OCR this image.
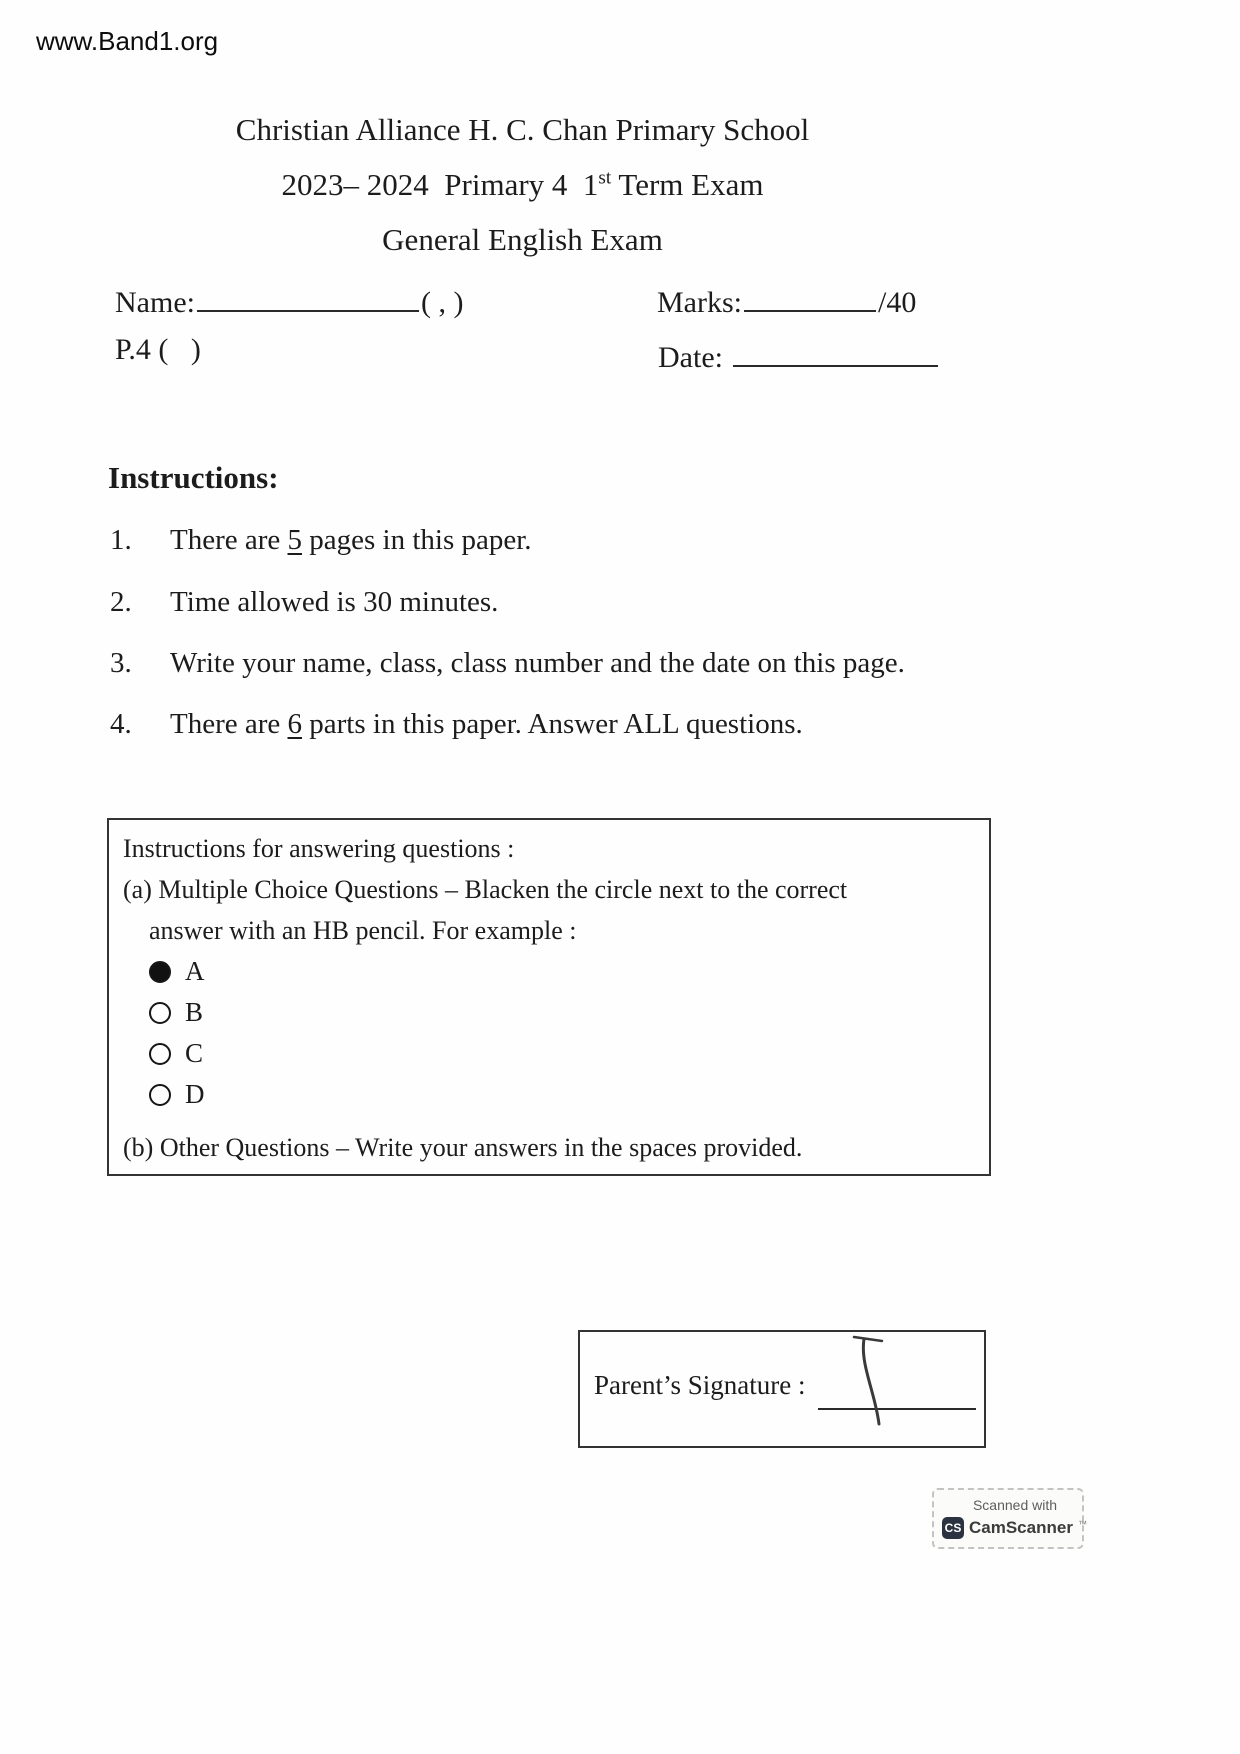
www.Band1.org
Christian Alliance H. C. Chan Primary School
2023– 2024  Primary 4  1st Term Exam
General English Exam
Name:	( , )	Marks:	/40
P.4 (   )	Date:
Instructions:
1. There are 5 pages in this paper.
2. Time allowed is 30 minutes.
3. Write your name, class, class number and the date on this page.
4. There are 6 parts in this paper. Answer ALL questions.
Instructions for answering questions :
(a) Multiple Choice Questions – Blacken the circle next to the correct
answer with an HB pencil. For example :
A
B
C
D
(b) Other Questions – Write your answers in the spaces provided.
Parent’s Signature :
Scanned with
CS CamScanner ™
